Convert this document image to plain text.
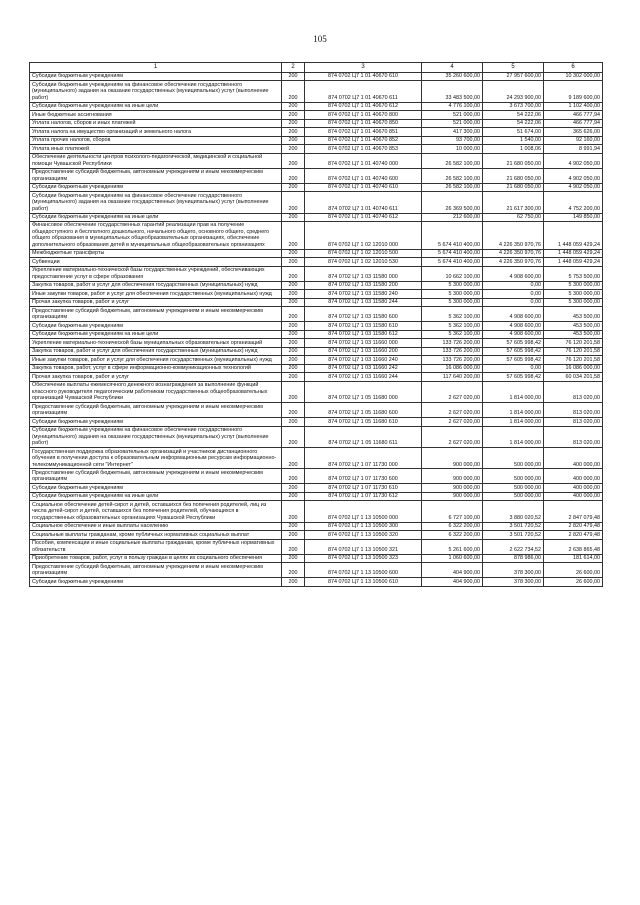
105
1	2	3	4	5	6
Субсидии бюджетным учреждениям	200	874 0702 Ц7 1 01 40670 610	35 260 600,00	27 957 600,00	10 302 000,00
Субсидии бюджетным учреждениям на финансовое обеспечение государственного (муниципального) задания на оказание государственных (муниципальных) услуг (выполнение работ)	200	874 0702 Ц7 1 01 40670 611	33 483 500,00	24 293 900,00	9 189 600,00
Субсидии бюджетным учреждениям на иные цели	200	874 0702 Ц7 1 01 40670 612	4 776 100,00	3 673 700,00	1 102 400,00
Иные бюджетные ассигнования	200	874 0702 Ц7 1 01 40670 800	521 000,00	54 222,06	466 777,94
Уплата налогов, сборов и иных платежей	200	874 0702 Ц7 1 01 40670 850	521 000,00	54 222,06	466 777,94
Уплата налога на имущество организаций и земельного налога	200	874 0702 Ц7 1 01 40670 851	417 300,00	51 674,00	365 626,00
Уплата прочих налогов, сборов	200	874 0702 Ц7 1 01 40670 852	93 700,00	1 540,00	92 160,00
Уплата иных платежей	200	874 0702 Ц7 1 01 40670 853	10 000,00	1 008,06	8 991,94
Обеспечение деятельности центров психолого-педагогической, медицинской и социальной помощи Чувашской Республики	200	874 0702 Ц7 1 01 40740 000	26 582 100,00	21 680 050,00	4 902 050,00
Предоставление субсидий бюджетным, автономным учреждениям и иным некоммерческим организациям	200	874 0702 Ц7 1 01 40740 600	26 582 100,00	21 680 050,00	4 902 050,00
Субсидии бюджетным учреждениям	200	874 0702 Ц7 1 01 40740 610	26 582 100,00	21 680 050,00	4 902 050,00
Субсидии бюджетным учреждениям на финансовое обеспечение государственного (муниципального) задания на оказание государственных (муниципальных) услуг (выполнение работ)	200	874 0702 Ц7 1 01 40740 611	26 369 500,00	21 617 300,00	4 752 200,00
Субсидии бюджетным учреждениям на иные цели	200	874 0702 Ц7 1 01 40740 612	212 600,00	62 750,00	149 850,00
Финансовое обеспечение государственных гарантий реализации прав на получение общедоступного и бесплатного дошкольного, начального общего, основного общего, среднего общего образования в муниципальных общеобразовательных организациях, обеспечение дополнительного образования детей в муниципальных общеобразовательных организациях	200	874 0702 Ц7 1 02 12010 000	5 674 410 400,00	4 226 350 970,76	1 448 059 429,24
Межбюджетные трансферты	200	874 0702 Ц7 1 02 12010 500	5 674 410 400,00	4 226 350 970,76	1 448 059 429,24
Субвенции	200	874 0702 Ц7 1 02 12010 530	5 674 410 400,00	4 226 350 970,76	1 448 059 429,24
Укрепление материально-технической базы государственных учреждений, обеспечивающих предоставление услуг в сфере образования	200	874 0702 Ц7 1 03 11580 000	10 662 100,00	4 908 600,00	5 753 500,00
Закупка товаров, работ и услуг для обеспечения государственных (муниципальных) нужд	200	874 0702 Ц7 1 03 11580 200	5 300 000,00	0,00	5 300 000,00
Иные закупки товаров, работ и услуг для обеспечения государственных (муниципальных) нужд	200	874 0702 Ц7 1 03 11580 240	5 300 000,00	0,00	5 300 000,00
Прочая закупка товаров, работ и услуг	200	874 0702 Ц7 1 03 11580 244	5 300 000,00	0,00	5 300 000,00
Предоставление субсидий бюджетным, автономным учреждениям и иным некоммерческим организациям	200	874 0702 Ц7 1 03 11580 600	5 362 100,00	4 908 600,00	453 500,00
Субсидии бюджетным учреждениям	200	874 0702 Ц7 1 03 11580 610	5 362 100,00	4 908 600,00	453 500,00
Субсидии бюджетным учреждениям на иные цели	200	874 0702 Ц7 1 03 11580 612	5 362 100,00	4 908 600,00	453 500,00
Укрепление материально-технической базы муниципальных образовательных организаций	200	874 0702 Ц7 1 03 11660 000	133 726 200,00	57 605 998,42	76 120 201,58
Закупка товаров, работ и услуг для обеспечения государственных (муниципальных) нужд	200	874 0702 Ц7 1 03 11660 200	133 726 200,00	57 605 998,42	76 120 201,58
Иные закупки товаров, работ и услуг для обеспечения государственных (муниципальных) нужд	200	874 0702 Ц7 1 03 11660 240	133 726 200,00	57 605 998,42	76 120 201,58
Закупка товаров, работ, услуг в сфере информационно-коммуникационных технологий	200	874 0702 Ц7 1 03 11660 242	16 086 000,00	0,00	16 086 000,00
Прочая закупка товаров, работ и услуг	200	874 0702 Ц7 1 03 11660 244	117 640 200,00	57 605 998,42	60 034 201,58
Обеспечение выплаты ежемесячного денежного вознаграждения за выполнение функций классного руководителя педагогическим работникам государственных общеобразовательных организаций Чувашской Республики	200	874 0702 Ц7 1 05 11680 000	2 627 020,00	1 814 000,00	813 020,00
Предоставление субсидий бюджетным, автономным учреждениям и иным некоммерческим организациям	200	874 0702 Ц7 1 05 11680 600	2 627 020,00	1 814 000,00	813 020,00
Субсидии бюджетным учреждениям	200	874 0702 Ц7 1 05 11680 610	2 627 020,00	1 814 000,00	813 020,00
Субсидии бюджетным учреждениям на финансовое обеспечение государственного (муниципального) задания на оказание государственных (муниципальных) услуг (выполнение работ)	200	874 0702 Ц7 1 05 11680 611	2 627 020,00	1 814 000,00	813 020,00
Государственная поддержка образовательных организаций и участников дистанционного обучения в получении доступа к образовательным информационным ресурсам информационно-телекоммуникационной сети "Интернет"	200	874 0702 Ц7 1 07 11730 000	900 000,00	500 000,00	400 000,00
Предоставление субсидий бюджетным, автономным учреждениям и иным некоммерческим организациям	200	874 0702 Ц7 1 07 11730 600	900 000,00	500 000,00	400 000,00
Субсидии бюджетным учреждениям	200	874 0702 Ц7 1 07 11730 610	900 000,00	500 000,00	400 000,00
Субсидии бюджетным учреждениям на иные цели	200	874 0702 Ц7 1 07 11730 612	900 000,00	500 000,00	400 000,00
Социальное обеспечение детей-сирот и детей, оставшихся без попечения родителей, лиц из числа детей-сирот и детей, оставшихся без попечения родителей, обучающихся в государственных образовательных организациях Чувашской Республики	200	874 0702 Ц7 1 13 10500 000	6 727 100,00	3 880 020,52	2 847 079,48
Социальное обеспечение и иные выплаты населению	200	874 0702 Ц7 1 13 10500 300	6 322 200,00	3 501 720,52	2 820 479,48
Социальные выплаты гражданам, кроме публичных нормативных социальных выплат	200	874 0702 Ц7 1 13 10500 320	6 322 200,00	3 501 720,52	2 820 479,48
Пособия, компенсации и иные социальные выплаты гражданам, кроме публичных нормативных обязательств	200	874 0702 Ц7 1 13 10500 321	5 261 600,00	2 622 734,52	2 638 865,48
Приобретение товаров, работ, услуг в пользу граждан в целях их социального обеспечения	200	874 0702 Ц7 1 13 10500 323	1 060 600,00	878 986,00	181 614,00
Предоставление субсидий бюджетным, автономным учреждениям и иным некоммерческим организациям	200	874 0702 Ц7 1 13 10500 600	404 900,00	378 300,00	26 600,00
Субсидии бюджетным учреждениям	200	874 0702 Ц7 1 13 10500 610	404 900,00	378 300,00	26 600,00
